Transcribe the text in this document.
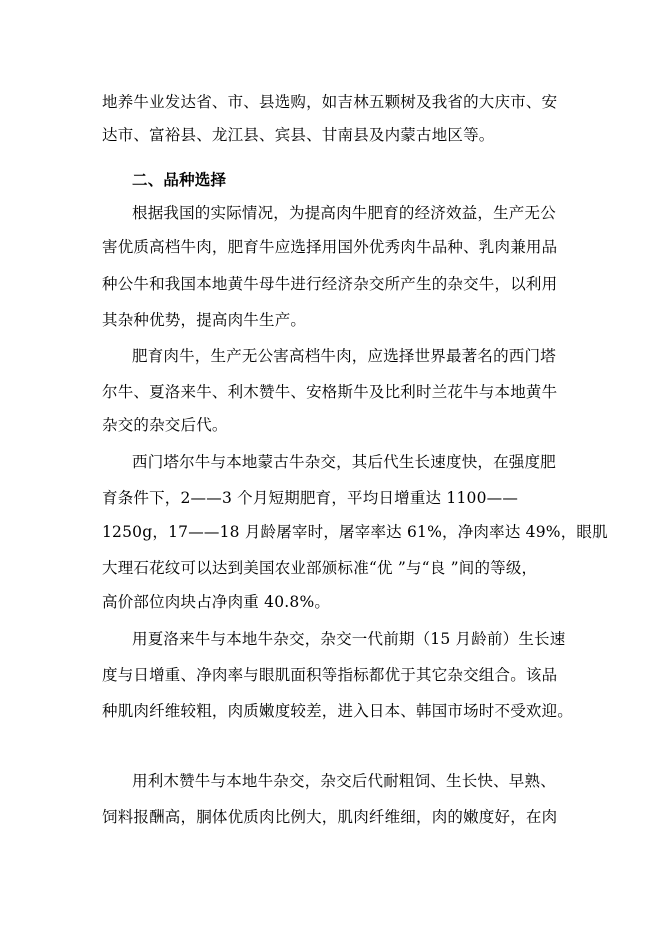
地养牛业发达省、市、县选购，如吉林五颗树及我省的大庆市、安
达市、富裕县、龙江县、宾县、甘南县及内蒙古地区等。
二、品种选择
根据我国的实际情况，为提高肉牛肥育的经济效益，生产无公
害优质高档牛肉，肥育牛应选择用国外优秀肉牛品种、乳肉兼用品
种公牛和我国本地黄牛母牛进行经济杂交所产生的杂交牛，以利用
其杂种优势，提高肉牛生产。
肥育肉牛，生产无公害高档牛肉，应选择世界最著名的西门塔
尔牛、夏洛来牛、利木赞牛、安格斯牛及比利时兰花牛与本地黄牛
杂交的杂交后代。
西门塔尔牛与本地蒙古牛杂交，其后代生长速度快，在强度肥
育条件下，2——3 个月短期肥育，平均日增重达 1100——
1250g，17——18 月龄屠宰时，屠宰率达 61%，净肉率达 49%，眼肌
大理石花纹可以达到美国农业部颁标准“优 ”与“良 ”间的等级，
高价部位肉块占净肉重 40.8%。
用夏洛来牛与本地牛杂交，杂交一代前期（15 月龄前）生长速
度与日增重、净肉率与眼肌面积等指标都优于其它杂交组合。该品
种肌肉纤维较粗，肉质嫩度较差，进入日本、韩国市场时不受欢迎。
用利木赞牛与本地牛杂交，杂交后代耐粗饲、生长快、早熟、
饲料报酬高，胴体优质肉比例大，肌肉纤维细，肉的嫩度好，在肉
